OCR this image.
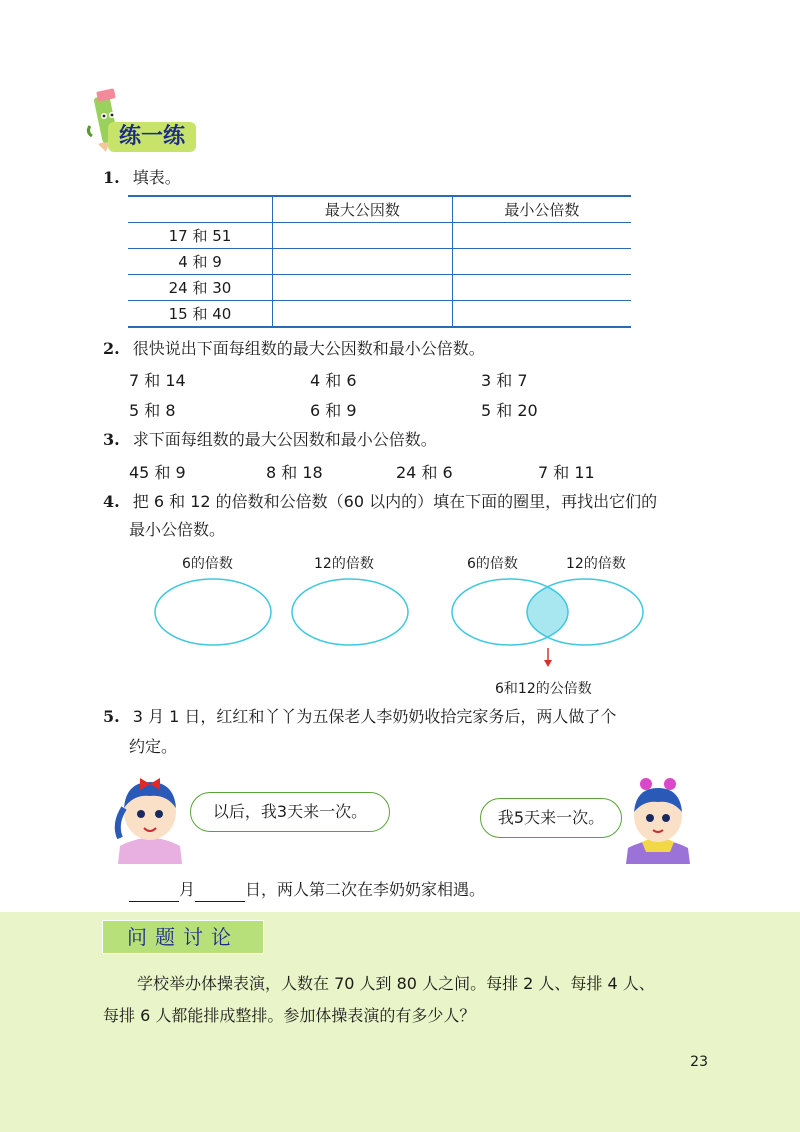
练一练
1. 填表。
	最大公因数	最小公倍数
17 和 51		
4 和 9		
24 和 30		
15 和 40		
2. 很快说出下面每组数的最大公因数和最小公倍数。
7 和 14	4 和 6	3 和 7
5 和 8	6 和 9	5 和 20
3. 求下面每组数的最大公因数和最小公倍数。
45 和 9	8 和 18	24 和 6	7 和 11
4. 把 6 和 12 的倍数和公倍数（60 以内的）填在下面的圈里，再找出它们的
最小公倍数。
6的倍数	12的倍数	6的倍数	12的倍数
6和12的公倍数
5. 3 月 1 日，红红和丫丫为五保老人李奶奶收拾完家务后，两人做了个
约定。
以后，我3天来一次。	我5天来一次。
月	日，两人第二次在李奶奶家相遇。
问题讨论
学校举办体操表演，人数在 70 人到 80 人之间。每排 2 人、每排 4 人、
每排 6 人都能排成整排。参加体操表演的有多少人？
23
